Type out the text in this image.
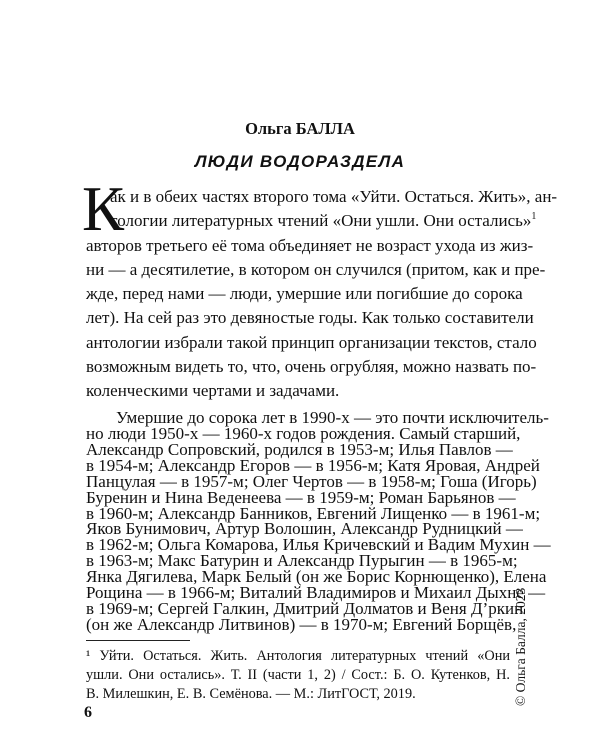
Ольга БАЛЛА
ЛЮДИ ВОДОРАЗДЕЛА
К
ак и в обеих частях второго тома «Уйти. Остаться. Жить», ан-
тологии литературных чтений «Они ушли. Они остались»$^1$
авторов третьего её тома объединяет не возраст ухода из жиз-
ни — а десятилетие, в котором он случился (притом, как и пре-
жде, перед нами — люди, умершие или погибшие до сорока
лет). На сей раз это девяностые годы. Как только составители
антологии избрали такой принцип организации текстов, стало
возможным видеть то, что, очень огрубляя, можно назвать по-
коленческими чертами и задачами.
Умершие до сорока лет в 1990-х — это почти исключитель-
но люди 1950-х — 1960-х годов рождения. Самый старший,
Александр Сопровский, родился в 1953-м; Илья Павлов —
в 1954-м; Александр Егоров — в 1956-м; Катя Яровая, Андрей
Панцулая — в 1957-м; Олег Чертов — в 1958-м; Гоша (Игорь)
Буренин и Нина Веденеева — в 1959-м; Роман Барьянов —
в 1960-м; Александр Банников, Евгений Лищенко — в 1961-м;
Яков Бунимович, Артур Волошин, Александр Рудницкий —
в 1962-м; Ольга Комарова, Илья Кричевский и Вадим Мухин —
в 1963-м; Макс Батурин и Александр Пурыгин — в 1965-м;
Янка Дягилева, Марк Белый (он же Борис Корнющенко), Елена
Рощина — в 1966-м; Виталий Владимиров и Михаил Дыхне —
в 1969-м; Сергей Галкин, Дмитрий Долматов и Веня Д’ркин
(он же Александр Литвинов) — в 1970-м; Евгений Борщёв,
¹ Уйти. Остаться. Жить. Антология литературных чтений «Они
ушли. Они остались». Т. II (части 1, 2) / Сост.: Б. О. Кутенков, Н.
В. Милешкин, Е. В. Семёнова. — М.: ЛитГОСТ, 2019.
6
© Ольга Балла, 2023
